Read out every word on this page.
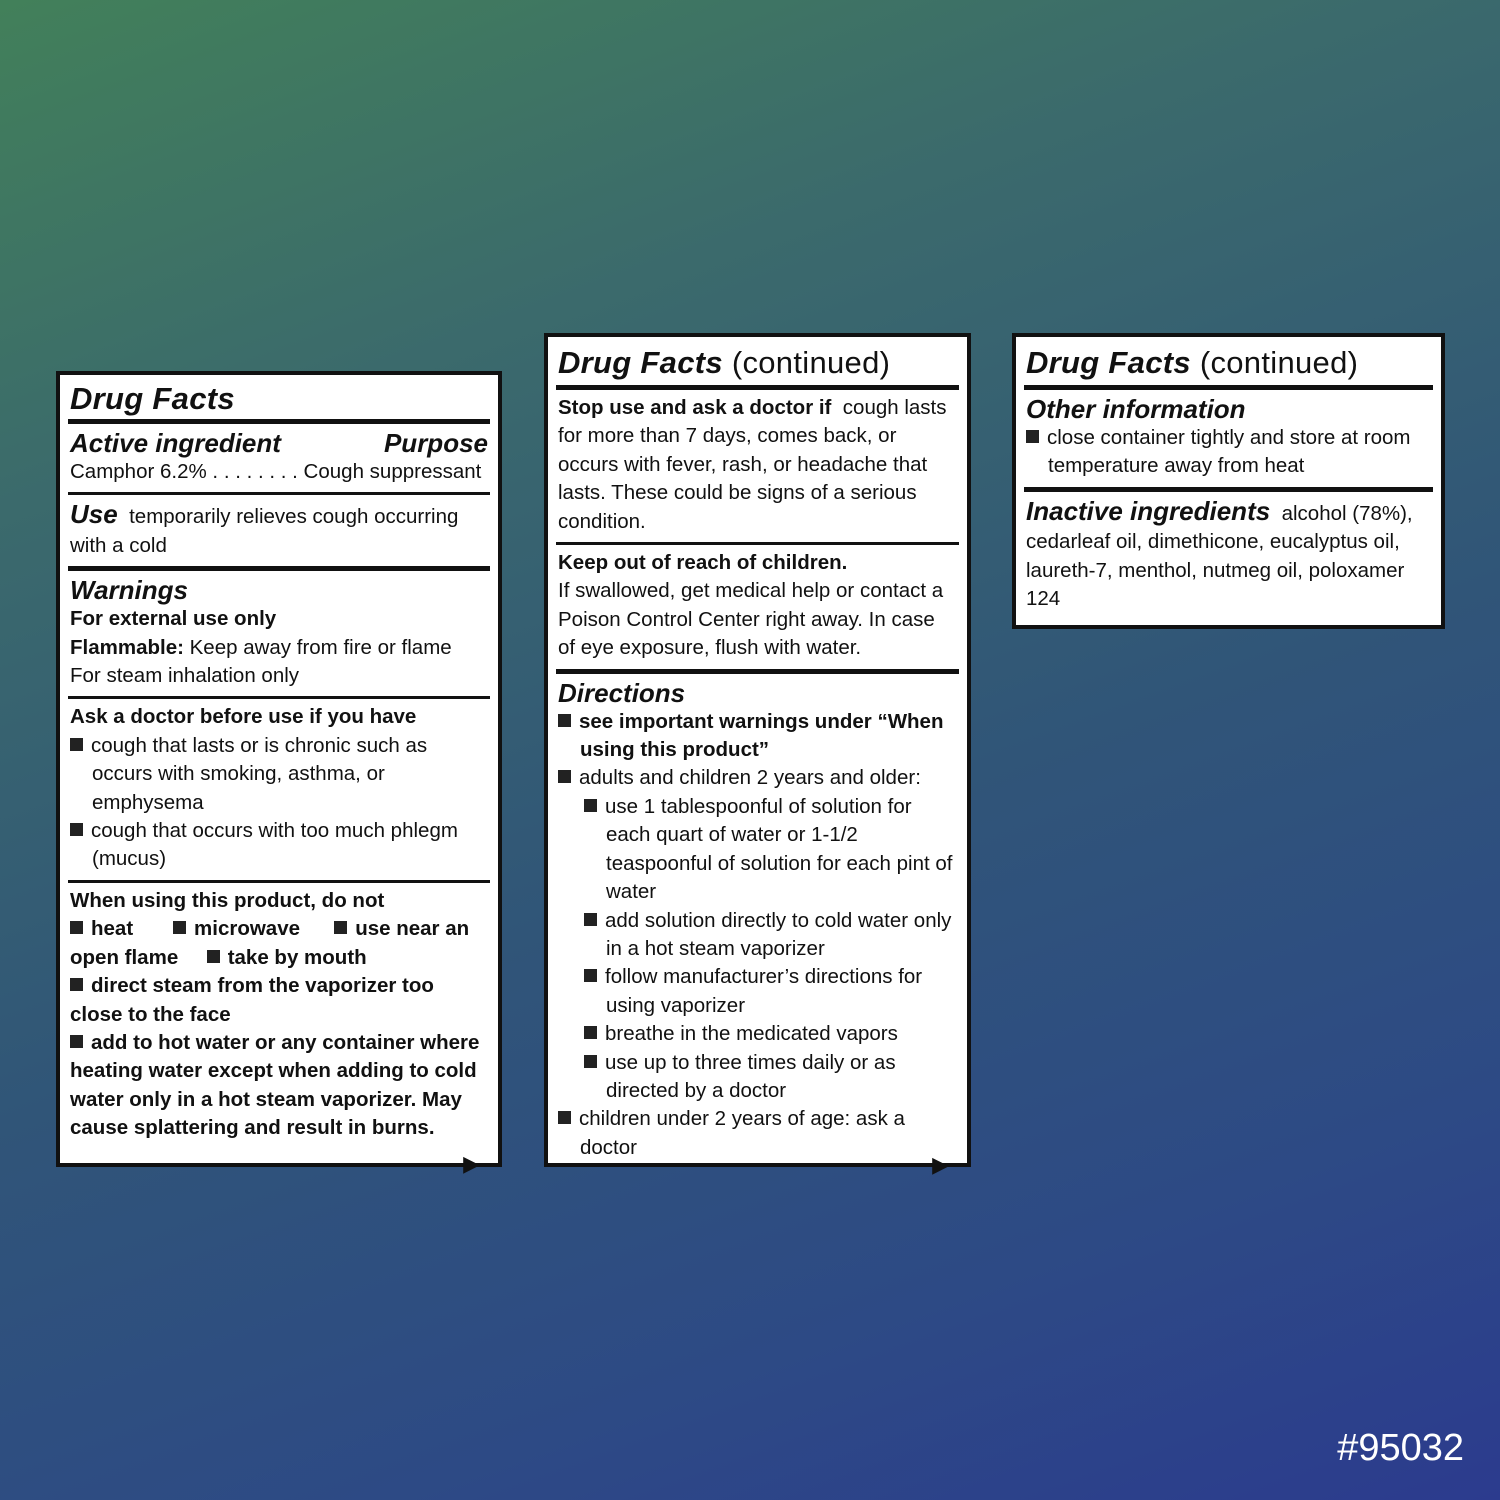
Drug Facts
Active ingredient	Purpose
Camphor 6.2% . . . . . . . . Cough suppressant
Use temporarily relieves cough occurring with a cold
Warnings
For external use only
Flammable: Keep away from fire or flame
For steam inhalation only
Ask a doctor before use if you have
cough that lasts or is chronic such as occurs with smoking, asthma, or emphysema
cough that occurs with too much phlegm (mucus)
When using this product, do not
heat	microwave	use near an open flame take by mouth
direct steam from the vaporizer too close to the face
add to hot water or any container where heating water except when adding to cold water only in a hot steam vaporizer. May cause splattering and result in burns.
▶
Drug Facts (continued)
Stop use and ask a doctor if cough lasts for more than 7 days, comes back, or occurs with fever, rash, or headache that lasts. These could be signs of a serious condition.
Keep out of reach of children.
If swallowed, get medical help or contact a Poison Control Center right away. In case of eye exposure, flush with water.
Directions
see important warnings under “When using this product”
adults and children 2 years and older:
use 1 tablespoonful of solution for each quart of water or 1-1/2 teaspoonful of solution for each pint of water
add solution directly to cold water only in a hot steam vaporizer
follow manufacturer’s directions for using vaporizer
breathe in the medicated vapors
use up to three times daily or as directed by a doctor
children under 2 years of age: ask a doctor
▶
Drug Facts (continued)
Other information
close container tightly and store at room temperature away from heat
Inactive ingredients alcohol (78%), cedarleaf oil, dimethicone, eucalyptus oil, laureth-7, menthol, nutmeg oil, poloxamer 124
#95032
